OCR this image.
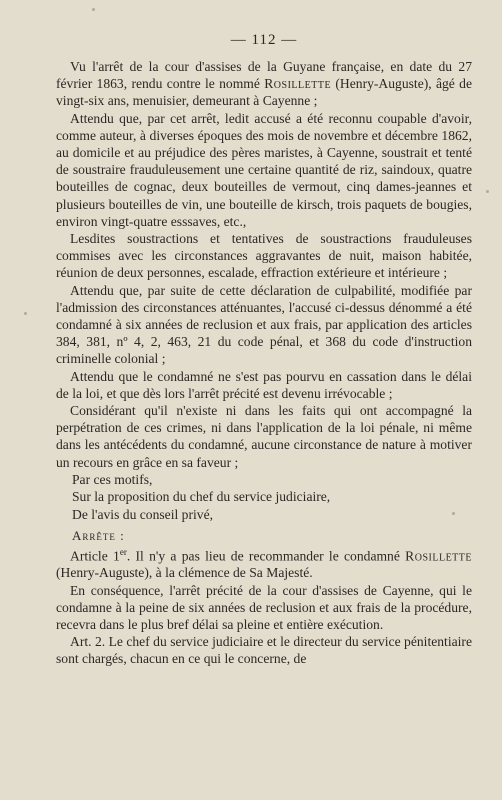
— 112 —

Vu l'arrêt de la cour d'assises de la Guyane française, en date du 27 février 1863, rendu contre le nommé Rosillette (Henry-Auguste), âgé de vingt-six ans, menuisier, demeurant à Cayenne ;

Attendu que, par cet arrêt, ledit accusé a été reconnu coupable d'avoir, comme auteur, à diverses époques des mois de novembre et décembre 1862, au domicile et au préjudice des pères maristes, à Cayenne, soustrait et tenté de soustraire frauduleusement une certaine quantité de riz, saindoux, quatre bouteilles de cognac, deux bouteilles de vermout, cinq dames-jeannes et plusieurs bouteilles de vin, une bouteille de kirsch, trois paquets de bougies, environ vingt-quatre esssaves, etc.,

Lesdites soustractions et tentatives de soustractions frauduleuses commises avec les circonstances aggravantes de nuit, maison habitée, réunion de deux personnes, escalade, effraction extérieure et intérieure ;

Attendu que, par suite de cette déclaration de culpabilité, modifiée par l'admission des circonstances atténuantes, l'accusé ci-dessus dénommé a été condamné à six années de reclusion et aux frais, par application des articles 384, 381, nº 4, 2, 463, 21 du code pénal, et 368 du code d'instruction criminelle colonial ;

Attendu que le condamné ne s'est pas pourvu en cassation dans le délai de la loi, et que dès lors l'arrêt précité est devenu irrévocable ;

Considérant qu'il n'existe ni dans les faits qui ont accompagné la perpétration de ces crimes, ni dans l'application de la loi pénale, ni même dans les antécédents du condamné, aucune circonstance de nature à motiver un recours en grâce en sa faveur ;

Par ces motifs,

Sur la proposition du chef du service judiciaire,

De l'avis du conseil privé,

Arrête :

Article 1er. Il n'y a pas lieu de recommander le condamné Rosillette (Henry-Auguste), à la clémence de Sa Majesté.

En conséquence, l'arrêt précité de la cour d'assises de Cayenne, qui le condamne à la peine de six années de reclusion et aux frais de la procédure, recevra dans le plus bref délai sa pleine et entière exécution.

Art. 2. Le chef du service judiciaire et le directeur du service pénitentiaire sont chargés, chacun en ce qui le concerne, de
